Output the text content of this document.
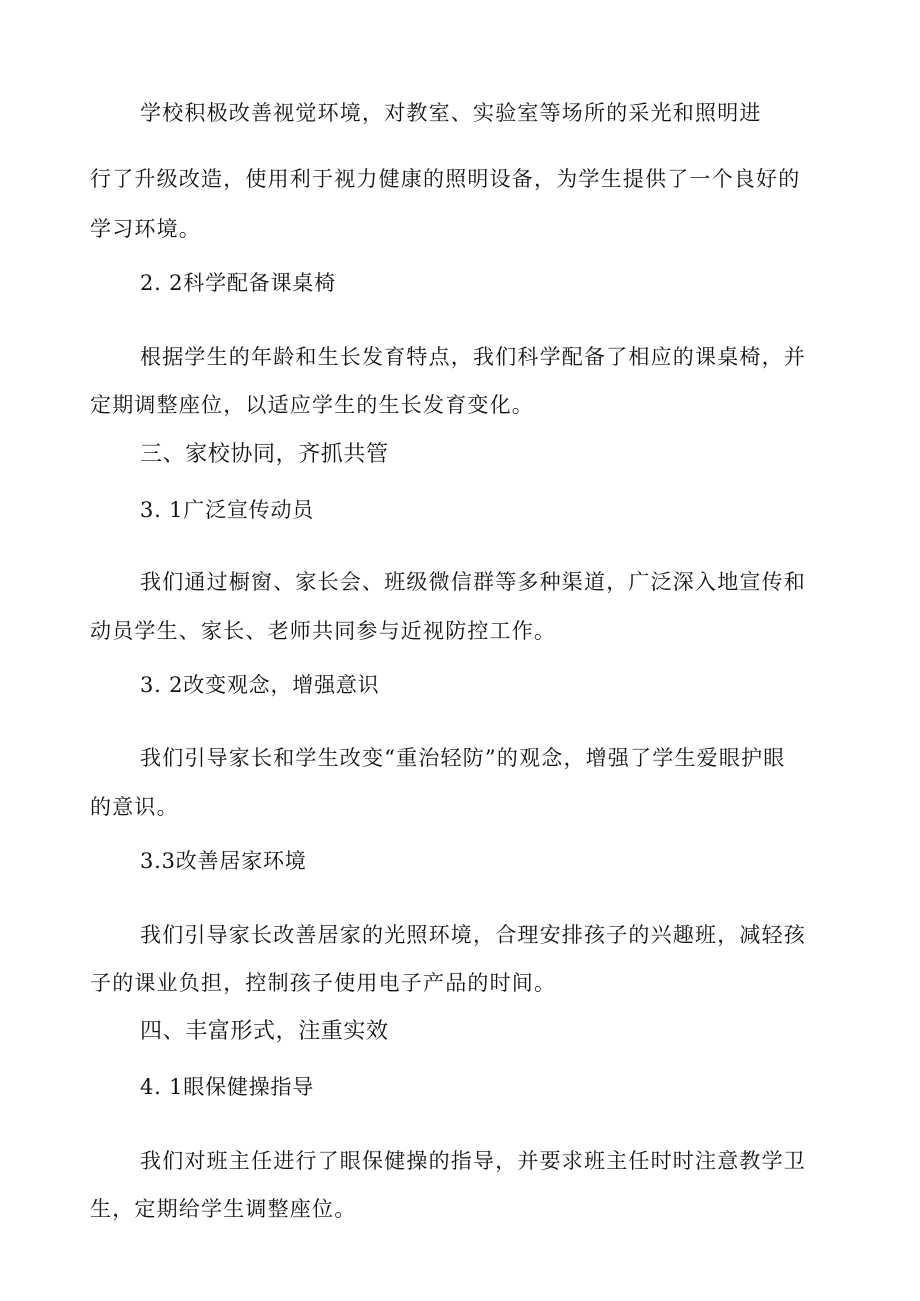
学校积极改善视觉环境，对教室、实验室等场所的采光和照明进
行了升级改造，使用利于视力健康的照明设备，为学生提供了一个良好的
学习环境。
2. 2科学配备课桌椅
根据学生的年龄和生长发育特点，我们科学配备了相应的课桌椅，并
定期调整座位，以适应学生的生长发育变化。
三、家校协同，齐抓共管
3. 1广泛宣传动员
我们通过橱窗、家长会、班级微信群等多种渠道，广泛深入地宣传和
动员学生、家长、老师共同参与近视防控工作。
3. 2改变观念，增强意识
我们引导家长和学生改变“重治轻防”的观念，增强了学生爱眼护眼
的意识。
3.3改善居家环境
我们引导家长改善居家的光照环境，合理安排孩子的兴趣班，减轻孩
子的课业负担，控制孩子使用电子产品的时间。
四、丰富形式，注重实效
4. 1眼保健操指导
我们对班主任进行了眼保健操的指导，并要求班主任时时注意教学卫
生，定期给学生调整座位。
